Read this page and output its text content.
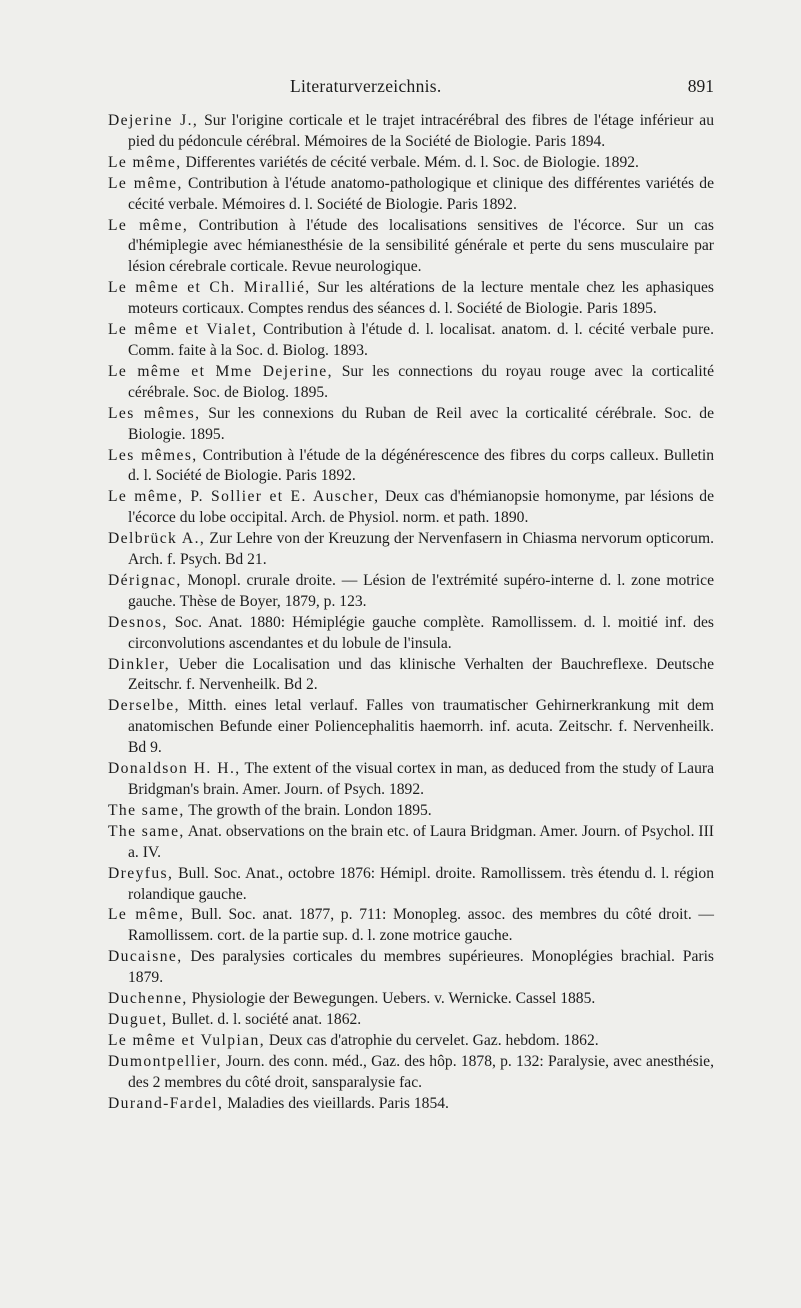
Literaturverzeichnis.	891

Dejerine J., Sur l'origine corticale et le trajet intracérébral des fibres de l'étage inférieur au pied du pédoncule cérébral. Mémoires de la Société de Biologie. Paris 1894.

Le même, Differentes variétés de cécité verbale. Mém. d. l. Soc. de Biologie. 1892.

Le même, Contribution à l'étude anatomo-pathologique et clinique des différentes variétés de cécité verbale. Mémoires d. l. Société de Biologie. Paris 1892.

Le même, Contribution à l'étude des localisations sensitives de l'écorce. Sur un cas d'hémiplegie avec hémianesthésie de la sensibilité générale et perte du sens musculaire par lésion cérebrale corticale. Revue neurologique.

Le même et Ch. Mirallié, Sur les altérations de la lecture mentale chez les aphasiques moteurs corticaux. Comptes rendus des séances d. l. Société de Biologie. Paris 1895.

Le même et Vialet, Contribution à l'étude d. l. localisat. anatom. d. l. cécité verbale pure. Comm. faite à la Soc. d. Biolog. 1893.

Le même et Mme Dejerine, Sur les connections du royau rouge avec la corticalité cérébrale. Soc. de Biolog. 1895.

Les mêmes, Sur les connexions du Ruban de Reil avec la corticalité cérébrale. Soc. de Biologie. 1895.

Les mêmes, Contribution à l'étude de la dégénérescence des fibres du corps calleux. Bulletin d. l. Société de Biologie. Paris 1892.

Le même, P. Sollier et E. Auscher, Deux cas d'hémianopsie homonyme, par lésions de l'écorce du lobe occipital. Arch. de Physiol. norm. et path. 1890.

Delbrück A., Zur Lehre von der Kreuzung der Nervenfasern in Chiasma nervorum opticorum. Arch. f. Psych. Bd 21.

Dérignac, Monopl. crurale droite. — Lésion de l'extrémité supéro-interne d. l. zone motrice gauche. Thèse de Boyer, 1879, p. 123.

Desnos, Soc. Anat. 1880: Hémiplégie gauche complète. Ramollissem. d. l. moitié inf. des circonvolutions ascendantes et du lobule de l'insula.

Dinkler, Ueber die Localisation und das klinische Verhalten der Bauchreflexe. Deutsche Zeitschr. f. Nervenheilk. Bd 2.

Derselbe, Mitth. eines letal verlauf. Falles von traumatischer Gehirnerkrankung mit dem anatomischen Befunde einer Poliencephalitis haemorrh. inf. acuta. Zeitschr. f. Nervenheilk. Bd 9.

Donaldson H. H., The extent of the visual cortex in man, as deduced from the study of Laura Bridgman's brain. Amer. Journ. of Psych. 1892.

The same, The growth of the brain. London 1895.

The same, Anat. observations on the brain etc. of Laura Bridgman. Amer. Journ. of Psychol. III a. IV.

Dreyfus, Bull. Soc. Anat., octobre 1876: Hémipl. droite. Ramollissem. très étendu d. l. région rolandique gauche.

Le même, Bull. Soc. anat. 1877, p. 711: Monopleg. assoc. des membres du côté droit. — Ramollissem. cort. de la partie sup. d. l. zone motrice gauche.

Ducaisne, Des paralysies corticales du membres supérieures. Monoplégies brachial. Paris 1879.

Duchenne, Physiologie der Bewegungen. Uebers. v. Wernicke. Cassel 1885.

Duguet, Bullet. d. l. société anat. 1862.

Le même et Vulpian, Deux cas d'atrophie du cervelet. Gaz. hebdom. 1862.

Dumontpellier, Journ. des conn. méd., Gaz. des hôp. 1878, p. 132: Paralysie, avec anesthésie, des 2 membres du côté droit, sansparalysie fac.

Durand-Fardel, Maladies des vieillards. Paris 1854.
